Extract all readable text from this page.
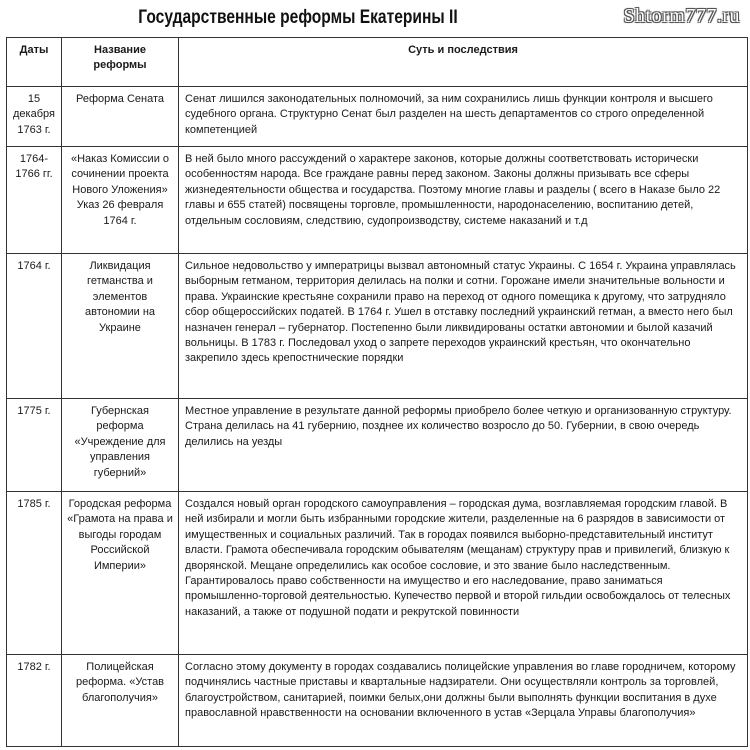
Государственные реформы Екатерины II	Shtorm777.ru
Даты	Название реформы	Суть и последствия
15 декабря 1763 г.	Реформа Сената	Сенат лишился законодательных полномочий, за ним сохранились лишь функции контроля и высшего судебного органа. Структурно Сенат был разделен на шесть департаментов со строго определенной компетенцией
1764-1766 гг.	«Наказ Комиссии о сочинении проекта Нового Уложения» Указ 26 февраля 1764 г.	В ней было много рассуждений о характере законов, которые должны соответствовать исторически особенностям народа. Все граждане равны перед законом. Законы должны призывать все сферы жизнедеятельности общества и государства. Поэтому многие главы и разделы ( всего в Наказе было 22 главы и 655 статей) посвящены торговле, промышленности, народонаселению, воспитанию детей, отдельным сословиям, следствию, судопроизводству, системе наказаний и т.д
1764 г.	Ликвидация гетманства и элементов автономии на Украине	Сильное недовольство у императрицы вызвал автономный статус Украины. С 1654 г. Украина управлялась выборным гетманом, территория делилась на полки и сотни. Горожане имели значительные вольности и права. Украинские крестьяне сохранили право на переход от одного помещика к другому, что затрудняло сбор общероссийских податей. В 1764 г. Ушел в отставку последний украинский гетман, а вместо него был назначен генерал – губернатор. Постепенно были ликвидированы остатки автономии и былой казачий вольницы. В 1783 г. Последовал уход о запрете переходов украинский крестьян, что окончательно закрепило здесь крепостнические порядки
1775 г.	Губернская реформа «Учреждение для управления губерний»	Местное управление в результате данной реформы приобрело более четкую и организованную структуру. Страна делилась на 41 губернию, позднее их количество возросло до 50. Губернии, в свою очередь делились на уезды
1785 г.	Городская реформа «Грамота на права и выгоды городам Российской Империи»	Создался новый орган городского самоуправления – городская дума, возглавляемая городским главой. В ней избирали и могли быть избранными городские жители, разделенные на 6 разрядов в зависимости от имущественных и социальных различий. Так в городах появился выборно-представительный институт власти. Грамота обеспечивала городским обывателям (мещанам) структуру прав и привилегий, близкую к дворянской. Мещане определились как особое сословие, и это звание было наследственным. Гарантировалось право собственности на имущество и его наследование, право заниматься промышленно-торговой деятельностью. Купечество первой и второй гильдии освобождалось от телесных наказаний, а также от подушной подати и рекрутской повинности
1782 г.	Полицейская реформа. «Устав благополучия»	Согласно этому документу в городах создавались полицейские управления во главе городничем, которому подчинялись частные приставы и квартальные надзиратели. Они осуществляли контроль за торговлей, благоустройством, санитарией, поимки белых,они должны были выполнять функции воспитания в духе православной нравственности на основании включенного в устав «Зерцала Управы благополучия»
